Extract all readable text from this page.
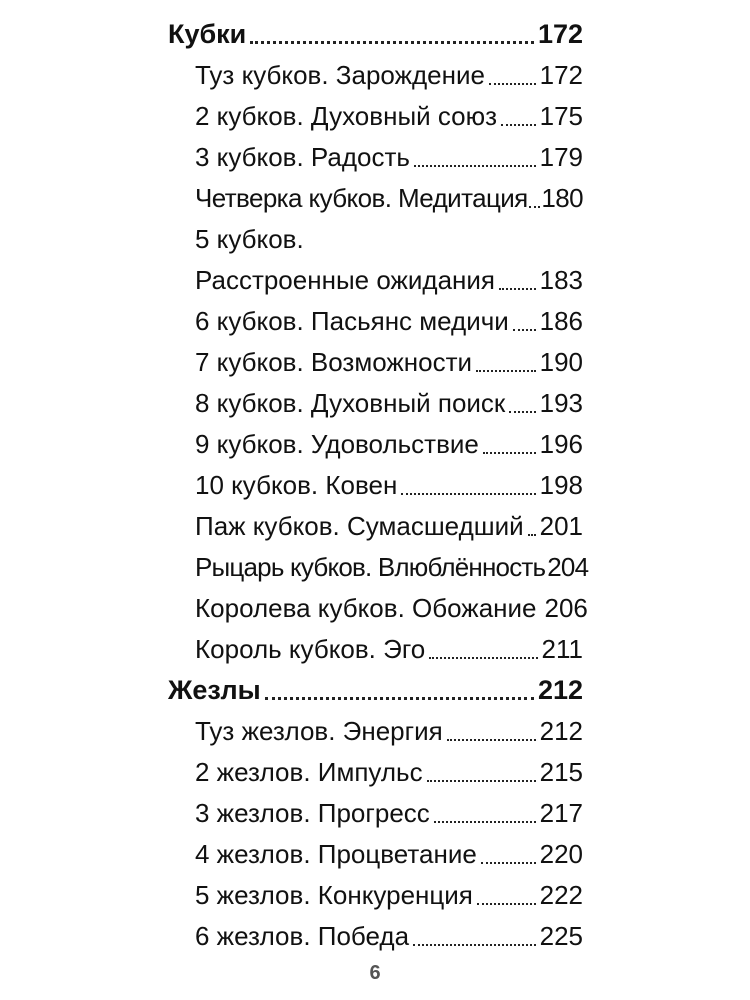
Кубки	172
Туз кубков. Зарождение 172
2 кубков. Духовный союз 175
3 кубков. Радость	179
Четверка кубков. Медитация 180
5 кубков.
Расстроенные ожидания 183
6 кубков. Пасьянс медичи 186
7 кубков. Возможности	190
8 кубков. Духовный поиск 193
9 кубков. Удовольствие 196
10 кубков. Ковен	198
Паж кубков. Сумасшедший 201
Рыцарь кубков. Влюблённость 204
Королева кубков. Обожание 206
Король кубков. Эго	211
Жезлы	212
Туз жезлов. Энергия	212
2 жезлов. Импульс	215
3 жезлов. Прогресс	217
4 жезлов. Процветание 220
5 жезлов. Конкуренция	222
6 жезлов. Победа	225
6
